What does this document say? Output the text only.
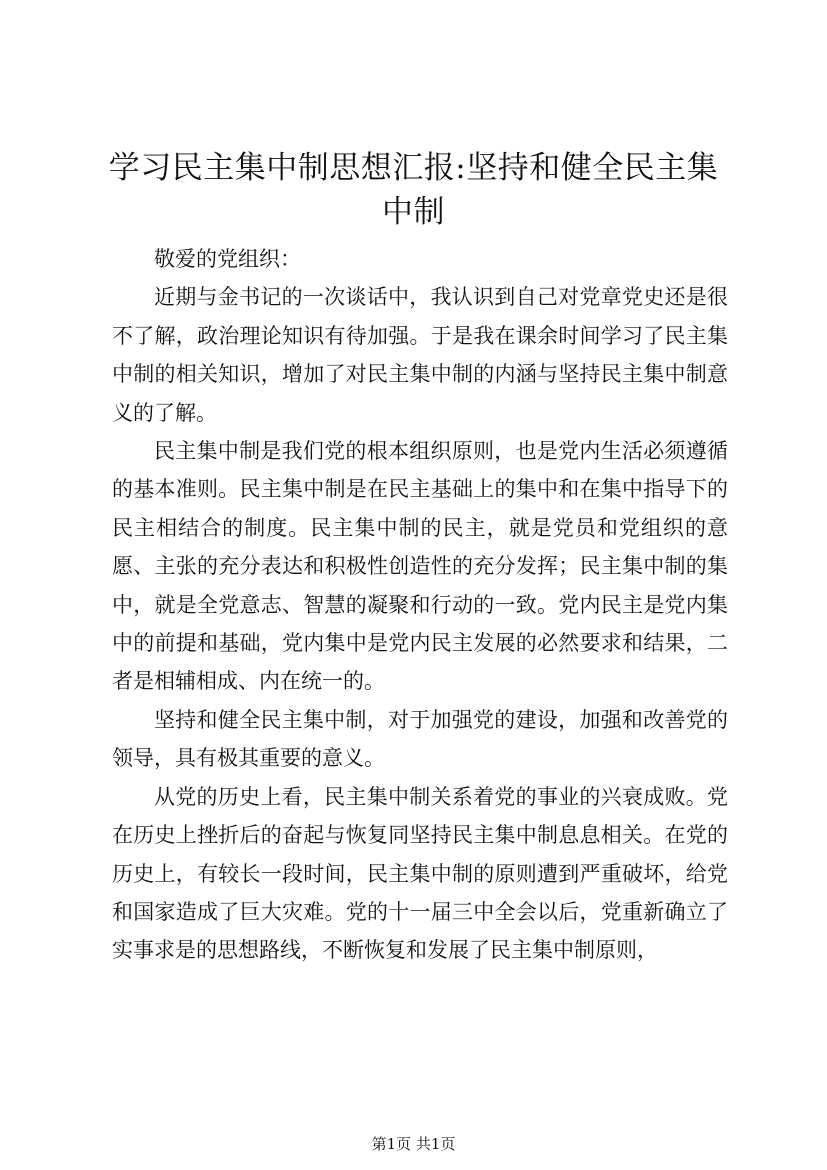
学习民主集中制思想汇报:坚持和健全民主集中制

敬爱的党组织：

近期与金书记的一次谈话中，我认识到自己对党章党史还是很不了解，政治理论知识有待加强。于是我在课余时间学习了民主集中制的相关知识，增加了对民主集中制的内涵与坚持民主集中制意义的了解。

民主集中制是我们党的根本组织原则，也是党内生活必须遵循的基本准则。民主集中制是在民主基础上的集中和在集中指导下的民主相结合的制度。民主集中制的民主，就是党员和党组织的意愿、主张的充分表达和积极性创造性的充分发挥；民主集中制的集中，就是全党意志、智慧的凝聚和行动的一致。党内民主是党内集中的前提和基础，党内集中是党内民主发展的必然要求和结果，二者是相辅相成、内在统一的。

坚持和健全民主集中制，对于加强党的建设，加强和改善党的领导，具有极其重要的意义。

从党的历史上看，民主集中制关系着党的事业的兴衰成败。党在历史上挫折后的奋起与恢复同坚持民主集中制息息相关。在党的历史上，有较长一段时间，民主集中制的原则遭到严重破坏，给党和国家造成了巨大灾难。党的十一届三中全会以后，党重新确立了实事求是的思想路线，不断恢复和发展了民主集中制原则，

第1页 共1页
